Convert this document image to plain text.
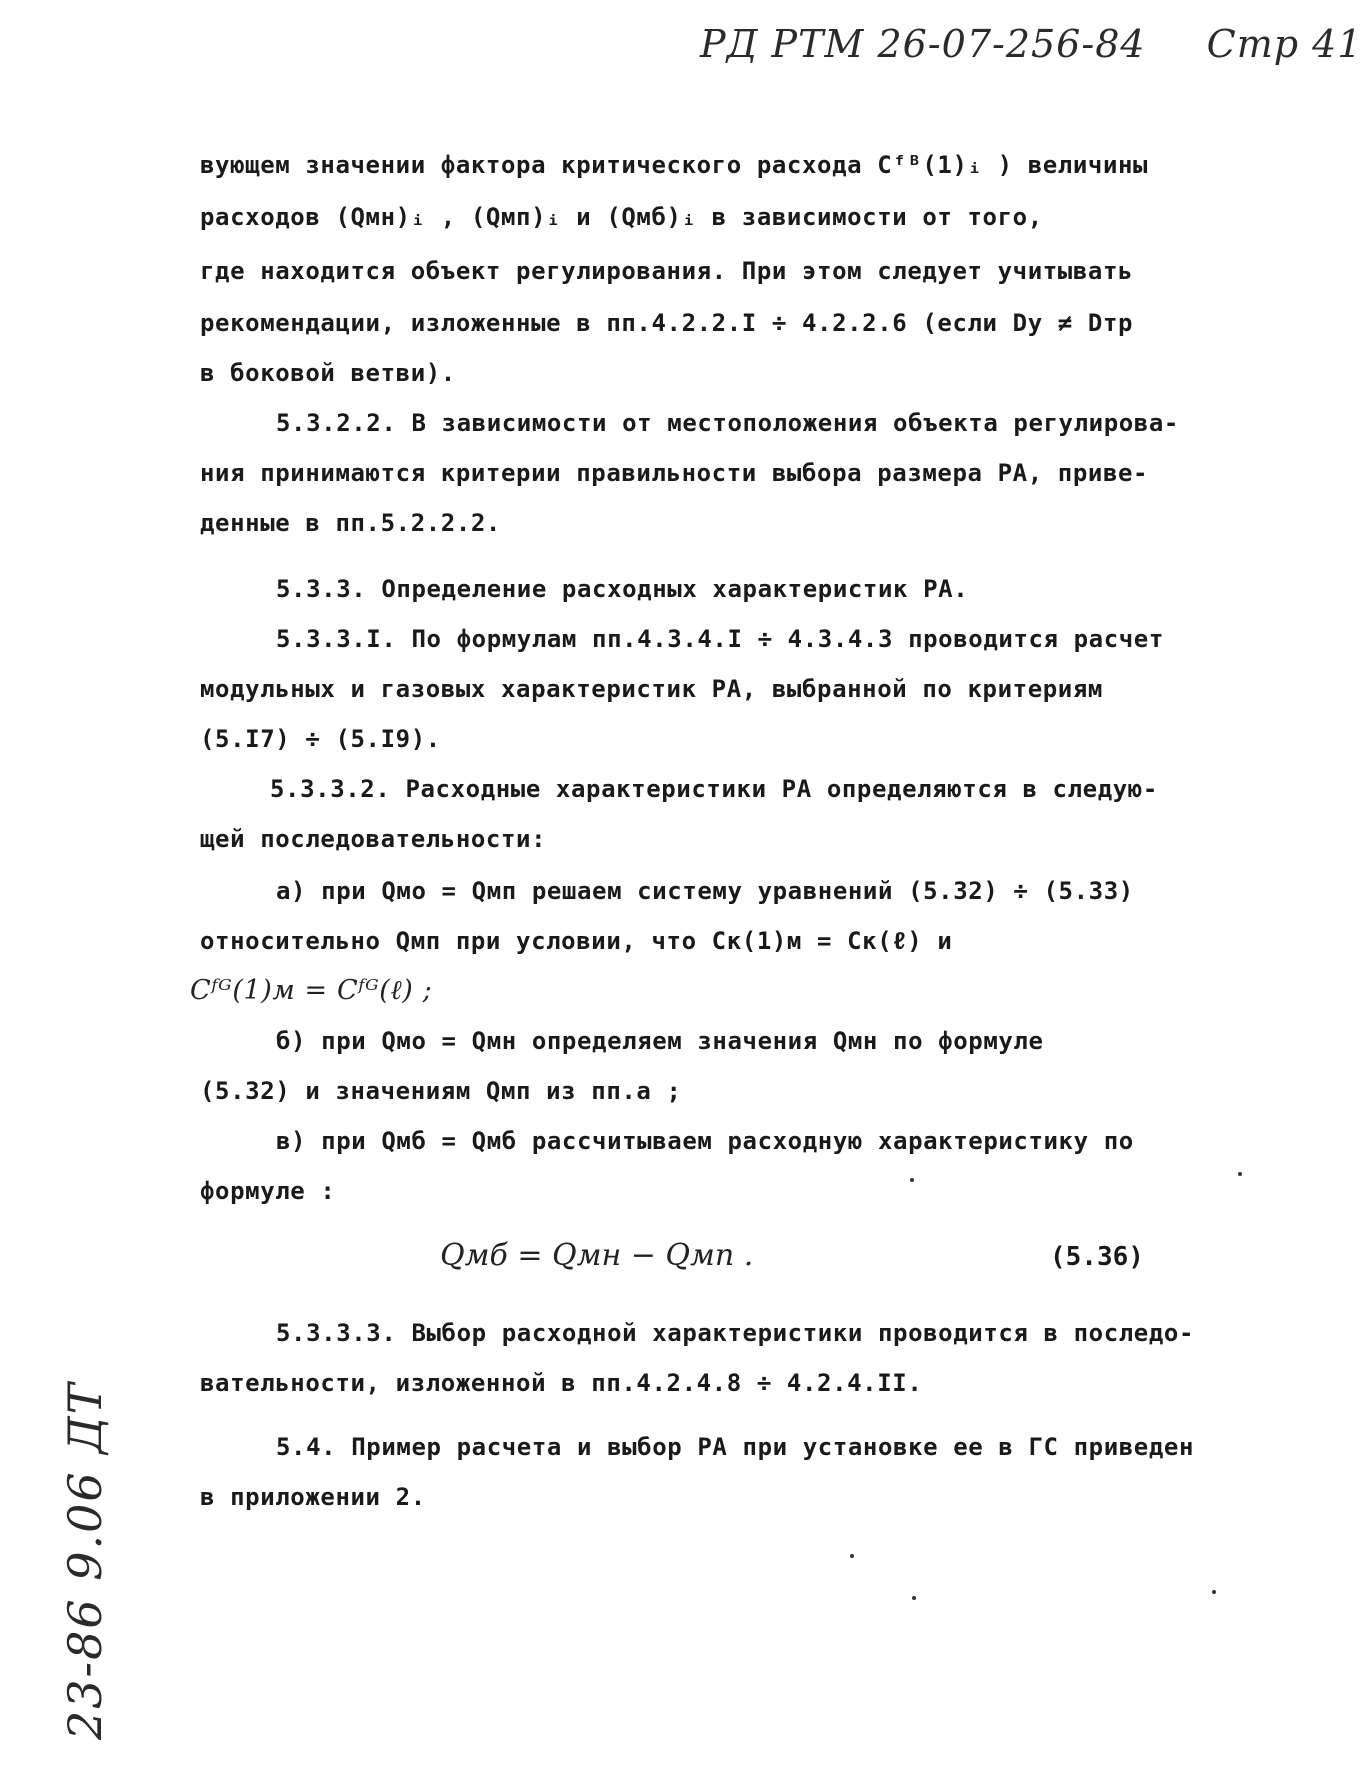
РД РТМ 26-07-256-84 Стр 41
вующем значении фактора критического расхода Cᶠᴮ(1)ᵢ ) величины
расходов (Qмн)ᵢ , (Qмп)ᵢ и (Qмб)ᵢ в зависимости от того,
где находится объект регулирования. При этом следует учитывать
рекомендации, изложенные в пп.4.2.2.I ÷ 4.2.2.6 (если Dу ≠ Dтр
в боковой ветви).
5.3.2.2. В зависимости от местоположения объекта регулирова-
ния принимаются критерии правильности выбора размера РА, приве-
денные в пп.5.2.2.2.
5.3.3. Определение расходных характеристик РА.
5.3.3.I. По формулам пп.4.3.4.I ÷ 4.3.4.3 проводится расчет
модульных и газовых характеристик РА, выбранной по критериям
(5.I7) ÷ (5.I9).
5.3.3.2. Расходные характеристики РА определяются в следую-
щей последовательности:
а) при Qмо = Qмп решаем систему уравнений (5.32) ÷ (5.33)
относительно Qмп при условии, что Cк(1)м = Cк(ℓ) и
Cᶠᴳ(1)м = Cᶠᴳ(ℓ) ;
б) при Qмо = Qмн определяем значения Qмн по формуле
(5.32) и значениям Qмп из пп.а ;
в) при Qмб = Qмб рассчитываем расходную характеристику по
формуле :
Qмб = Qмн − Qмп .	(5.36)
5.3.3.3. Выбор расходной характеристики проводится в последо-
вательности, изложенной в пп.4.2.4.8 ÷ 4.2.4.II.
5.4. Пример расчета и выбор РА при установке ее в ГС приведен
в приложении 2.
23-86 9.06 ДТ
